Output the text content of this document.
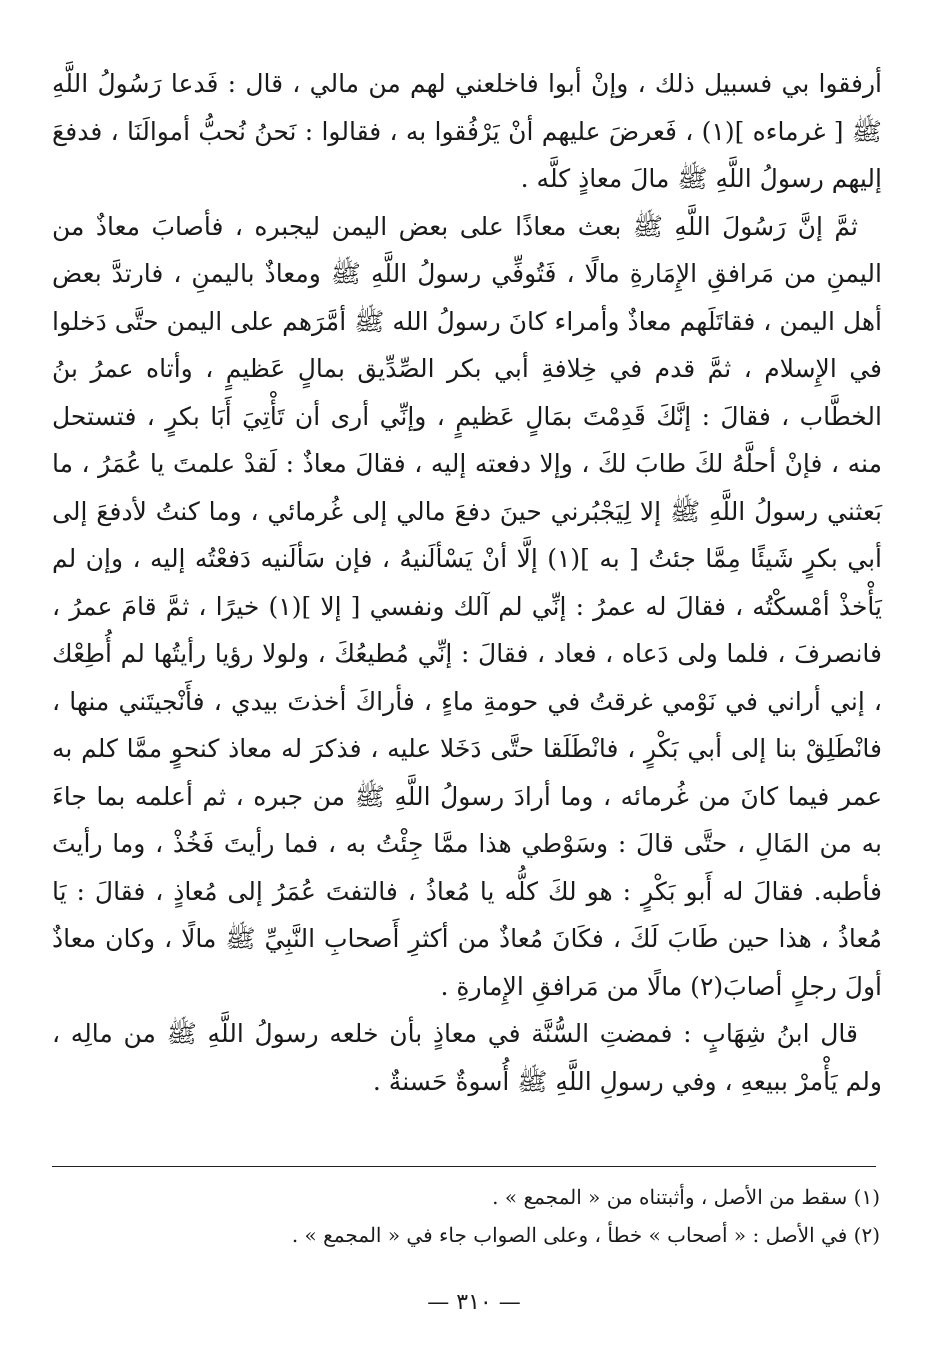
أرفقوا بي فسبيل ذلك ، وإنْ أبوا فاخلعني لهم من مالي ، قال : فَدعا رَسُولُ اللَّهِ ﷺ [ غرماءه ](١) ، فَعرضَ عليهم أنْ يَرْفُقوا به ، فقالوا : نَحنُ نُحبُّ أموالَنَا ، فدفعَ إليهم رسولُ اللَّهِ ﷺ مالَ معاذٍ كلَّه .

ثمَّ إنَّ رَسُولَ اللَّهِ ﷺ بعث معاذًا على بعض اليمن ليجبره ، فأصابَ معاذٌ من اليمنِ من مَرافقِ الإِمَارةِ مالًا ، فَتُوفِّي رسولُ اللَّهِ ﷺ ومعاذٌ باليمنِ ، فارتدَّ بعض أهل اليمن ، فقاتَلَهم معاذٌ وأمراء كانَ رسولُ الله ﷺ أمَّرَهم على اليمن حتَّى دَخلوا في الإِسلام ، ثمَّ قدم في خِلافةِ أبي بكر الصِّدِّيق بمالٍ عَظيمٍ ، وأتاه عمرُ بنُ الخطَّاب ، فقالَ : إنَّكَ قَدِمْتَ بمَالٍ عَظيمٍ ، وإنِّي أرى أن تَأْتِيَ أَبَا بكرٍ ، فتستحل منه ، فإنْ أحلَّهُ لكَ طابَ لكَ ، وإلا دفعته إليه ، فقالَ معاذٌ : لَقدْ علمتَ يا عُمَرُ ، ما بَعثني رسولُ اللَّهِ ﷺ إلا لِيَجْبُرني حينَ دفعَ مالي إلى غُرمائي ، وما كنتُ لأدفعَ إلى أبي بكرٍ شَيئًا مِمَّا جئتُ [ به ](١) إلَّا أنْ يَسْألَنيهُ ، فإن سَألَنيه دَفعْتُه إليه ، وإن لم يَأْخذْ أمْسكْتُه ، فقالَ له عمرُ : إنِّي لم آلك ونفسي [ إلا ](١) خيرًا ، ثمَّ قامَ عمرُ ، فانصرفَ ، فلما ولى دَعاه ، فعاد ، فقالَ : إنِّي مُطيعُكَ ، ولولا رؤيا رأيتُها لم أُطِعْك ، إني أراني في نَوْمي غرقتُ في حومةِ ماءٍ ، فأراكَ أخذتَ بيدي ، فأَنْجيتَني منها ، فانْطَلِقْ بنا إلى أبي بَكْرٍ ، فانْطَلَقا حتَّى دَخَلا عليه ، فذكرَ له معاذ كنحوٍ ممَّا كلم به عمر فيما كانَ من غُرمائه ، وما أرادَ رسولُ اللَّهِ ﷺ من جبره ، ثم أعلمه بما جاءَ به من المَالِ ، حتَّى قالَ : وسَوْطي هذا ممَّا جِئْتُ به ، فما رأيتَ فَخُذْ ، وما رأيتَ فأطبه. فقالَ له أَبو بَكْرٍ : هو لكَ كلُّه يا مُعاذُ ، فالتفتَ عُمَرُ إلى مُعاذٍ ، فقالَ : يَا مُعاذُ ، هذا حين طَابَ لَكَ ، فكَانَ مُعاذٌ من أكثرِ أَصحابِ النَّبِيِّ ﷺ مالًا ، وكان معاذٌ أولَ رجلٍ أصابَ(٢) مالًا من مَرافقِ الإِمارةِ .

قال ابنُ شِهَابٍ : فمضتِ السُّنَّة في معاذٍ بأن خلعه رسولُ اللَّهِ ﷺ من مالِه ، ولم يَأْمرْ ببيعهِ ، وفي رسولِ اللَّهِ ﷺ أُسوةٌ حَسنةٌ .

(١) سقط من الأصل ، وأثبتناه من « المجمع » .
(٢) في الأصل : « أصحاب » خطأ ، وعلى الصواب جاء في « المجمع » .
— ٣١٠ —
